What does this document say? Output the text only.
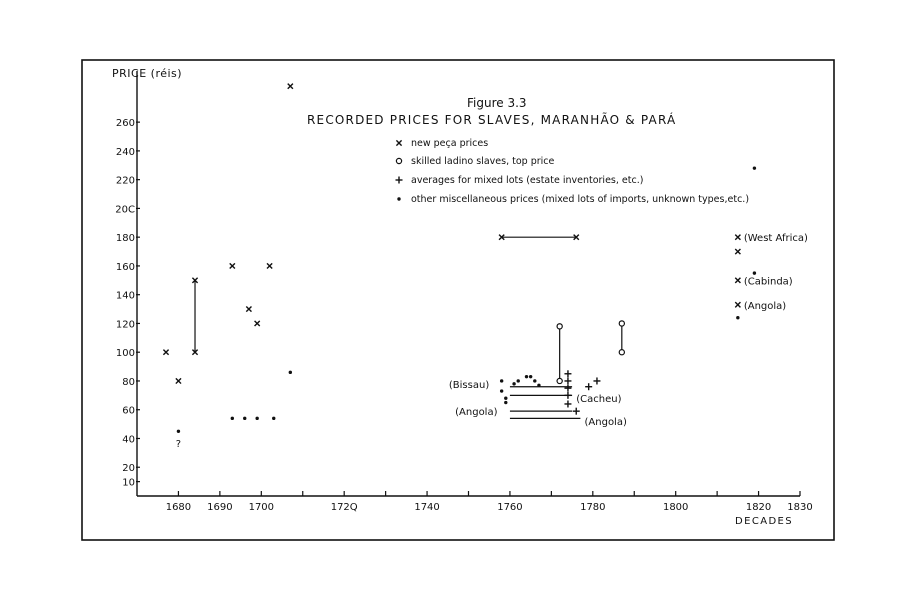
PRICE (réis)
Figure 3.3
RECORDED PRICES FOR SLAVES, MARANHÃO & PARÁ
DECADES
1680 1690 1700	172Q	1740	1760	1780	1800	1820 1830
10
20
40
60
80
100
120
140
160
180
20C
220
240
260
new peça prices
skilled ladino slaves, top price
averages for mixed lots (estate inventories, etc.)
other miscellaneous prices (mixed lots of imports, unknown types,etc.)
(West Africa)
(Cabinda)
(Angola)
?
(Bissau)
(Cacheu)
(Angola)
(Angola)
